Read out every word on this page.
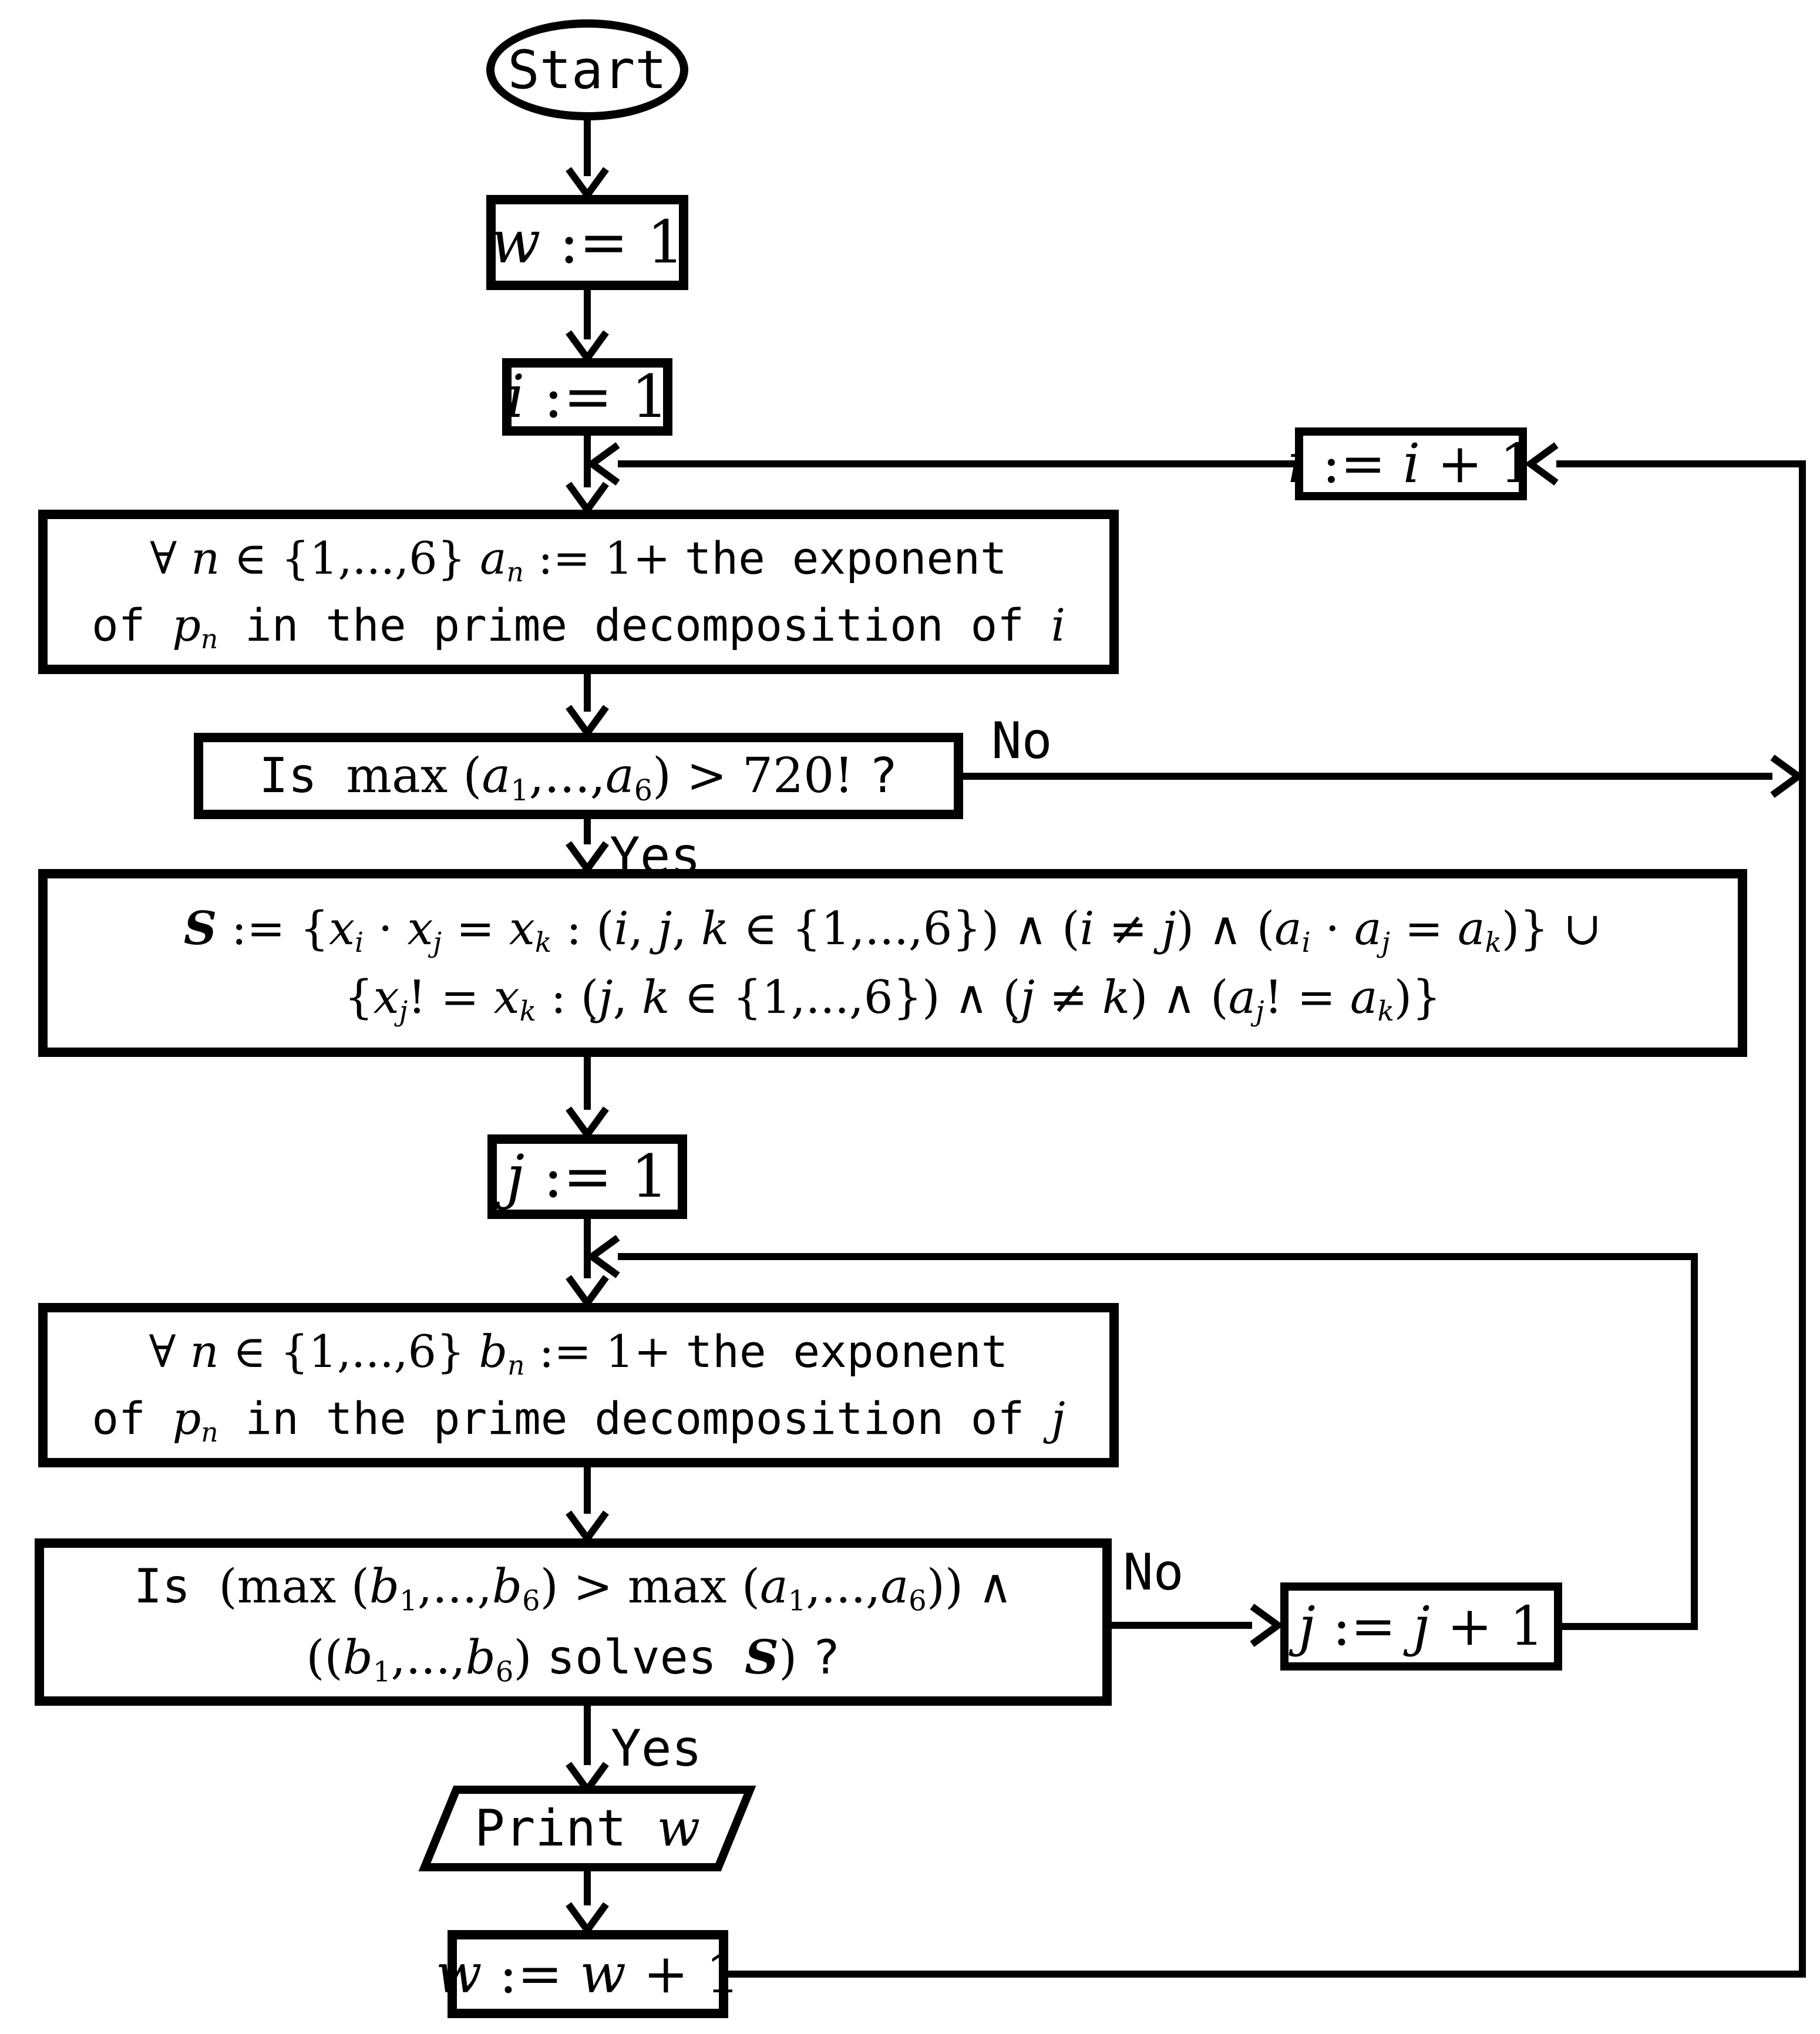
Start
w := 1
i := 1
i := i + 1
∀ n ∈ {1,...,6} $a_n$ := 1+ the exponent
of $p_n$ in the prime decomposition of i
Is $\max (a_1,...,a_6) > 720$! ?
S := {$x_i \cdot x_j = x_k$ : (i, j, k ∈ {1,...,6}) ∧ (i ≠ j) ∧ $(a_i \cdot a_j = a_k)$} ∪
{$x_j$! = $x_k$ : (j, k ∈ {1,...,6}) ∧ (j ≠ k) ∧ ($a_j$! = $a_k$)}
j := 1
∀ n ∈ {1,...,6} $b_n$ := 1+ the exponent
of $p_n$ in the prime decomposition of j
Is (max $(b_1,...,b_6) > \max (a_1,...,a_6)$) ∧
($(b_1,...,b_6)$ solves S) ?	j := j + 1
Print w
w := w + 1
No
Yes
No
Yes
